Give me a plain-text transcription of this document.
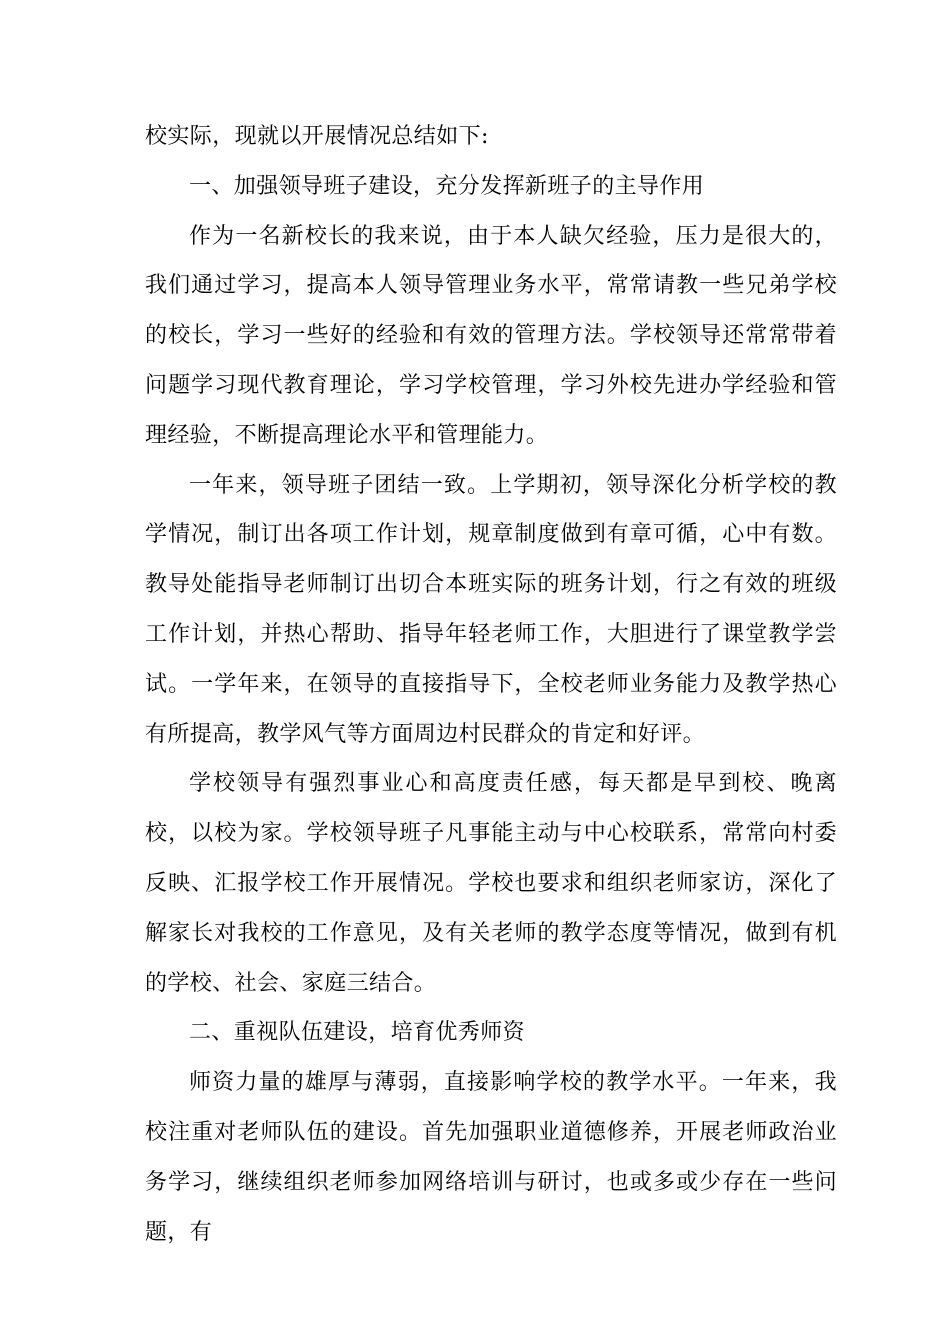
校实际，现就以开展情况总结如下:

一、加强领导班子建设，充分发挥新班子的主导作用

作为一名新校长的我来说，由于本人缺欠经验，压力是很大的，我们通过学习，提高本人领导管理业务水平，常常请教一些兄弟学校的校长，学习一些好的经验和有效的管理方法。学校领导还常常带着问题学习现代教育理论，学习学校管理，学习外校先进办学经验和管理经验，不断提高理论水平和管理能力。

一年来，领导班子团结一致。上学期初，领导深化分析学校的教学情况，制订出各项工作计划，规章制度做到有章可循，心中有数。教导处能指导老师制订出切合本班实际的班务计划，行之有效的班级工作计划，并热心帮助、指导年轻老师工作，大胆进行了课堂教学尝试。一学年来，在领导的直接指导下，全校老师业务能力及教学热心有所提高，教学风气等方面周边村民群众的肯定和好评。

学校领导有强烈事业心和高度责任感，每天都是早到校、晚离校，以校为家。学校领导班子凡事能主动与中心校联系，常常向村委反映、汇报学校工作开展情况。学校也要求和组织老师家访，深化了解家长对我校的工作意见，及有关老师的教学态度等情况，做到有机的学校、社会、家庭三结合。

二、重视队伍建设，培育优秀师资

师资力量的雄厚与薄弱，直接影响学校的教学水平。一年来，我校注重对老师队伍的建设。首先加强职业道德修养，开展老师政治业务学习，继续组织老师参加网络培训与研讨，也或多或少存在一些问题，有
